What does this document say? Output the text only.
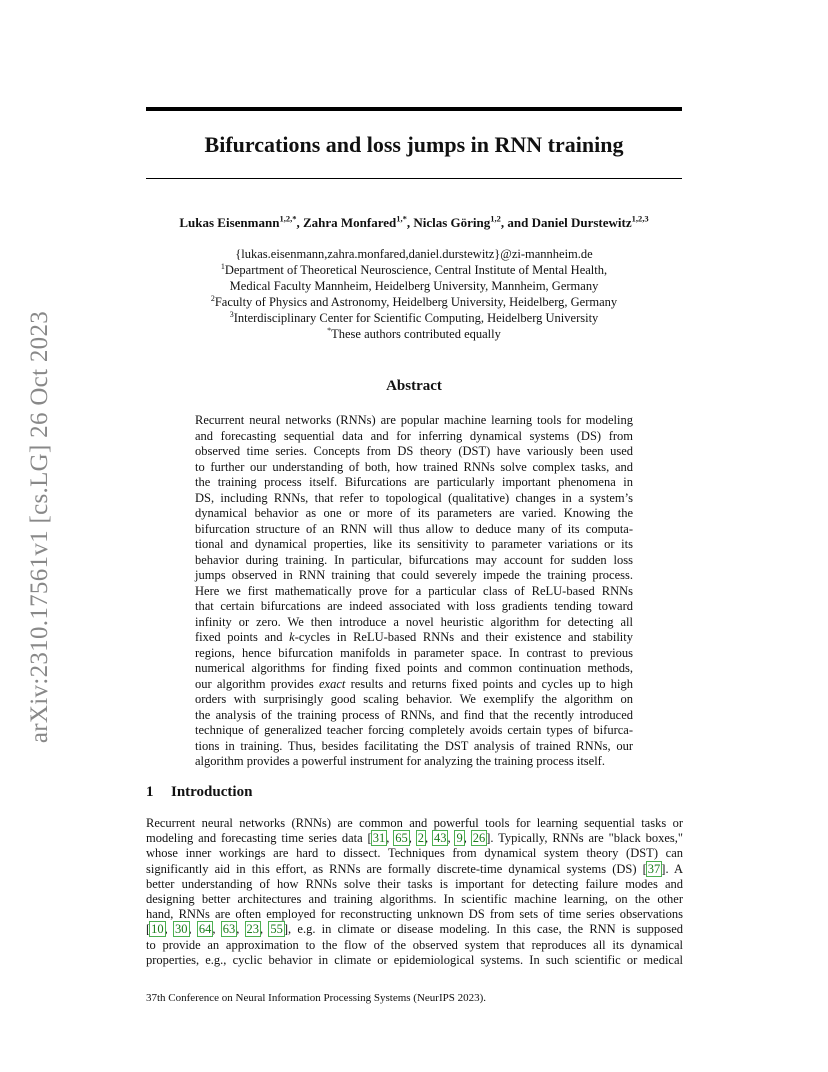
arXiv:2310.17561v1 [cs.LG] 26 Oct 2023
Bifurcations and loss jumps in RNN training
Lukas Eisenmann$^{1,2,*}$, Zahra Monfared$^{1,*}$, Niclas Göring$^{1,2}$, and Daniel Durstewitz$^{1,2,3}$
{lukas.eisenmann,zahra.monfared,daniel.durstewitz}@zi-mannheim.de
$^1$Department of Theoretical Neuroscience, Central Institute of Mental Health,
Medical Faculty Mannheim, Heidelberg University, Mannheim, Germany
$^2$Faculty of Physics and Astronomy, Heidelberg University, Heidelberg, Germany
$^3$Interdisciplinary Center for Scientific Computing, Heidelberg University
*These authors contributed equally
Abstract
Recurrent neural networks (RNNs) are popular machine learning tools for modeling
and forecasting sequential data and for inferring dynamical systems (DS) from
observed time series. Concepts from DS theory (DST) have variously been used
to further our understanding of both, how trained RNNs solve complex tasks, and
the training process itself. Bifurcations are particularly important phenomena in
DS, including RNNs, that refer to topological (qualitative) changes in a system’s
dynamical behavior as one or more of its parameters are varied. Knowing the
bifurcation structure of an RNN will thus allow to deduce many of its computa-
tional and dynamical properties, like its sensitivity to parameter variations or its
behavior during training. In particular, bifurcations may account for sudden loss
jumps observed in RNN training that could severely impede the training process.
Here we first mathematically prove for a particular class of ReLU-based RNNs
that certain bifurcations are indeed associated with loss gradients tending toward
infinity or zero. We then introduce a novel heuristic algorithm for detecting all
fixed points and k-cycles in ReLU-based RNNs and their existence and stability
regions, hence bifurcation manifolds in parameter space. In contrast to previous
numerical algorithms for finding fixed points and common continuation methods,
our algorithm provides exact results and returns fixed points and cycles up to high
orders with surprisingly good scaling behavior. We exemplify the algorithm on
the analysis of the training process of RNNs, and find that the recently introduced
technique of generalized teacher forcing completely avoids certain types of bifurca-
tions in training. Thus, besides facilitating the DST analysis of trained RNNs, our
algorithm provides a powerful instrument for analyzing the training process itself.
1 Introduction
Recurrent neural networks (RNNs) are common and powerful tools for learning sequential tasks or
modeling and forecasting time series data [31, 65, 2, 43, 9, 26]. Typically, RNNs are "black boxes,"
whose inner workings are hard to dissect. Techniques from dynamical system theory (DST) can
significantly aid in this effort, as RNNs are formally discrete-time dynamical systems (DS) [37]. A
better understanding of how RNNs solve their tasks is important for detecting failure modes and
designing better architectures and training algorithms. In scientific machine learning, on the other
hand, RNNs are often employed for reconstructing unknown DS from sets of time series observations
[10, 30, 64, 63, 23, 55], e.g. in climate or disease modeling. In this case, the RNN is supposed
to provide an approximation to the flow of the observed system that reproduces all its dynamical
properties, e.g., cyclic behavior in climate or epidemiological systems. In such scientific or medical
37th Conference on Neural Information Processing Systems (NeurIPS 2023).
